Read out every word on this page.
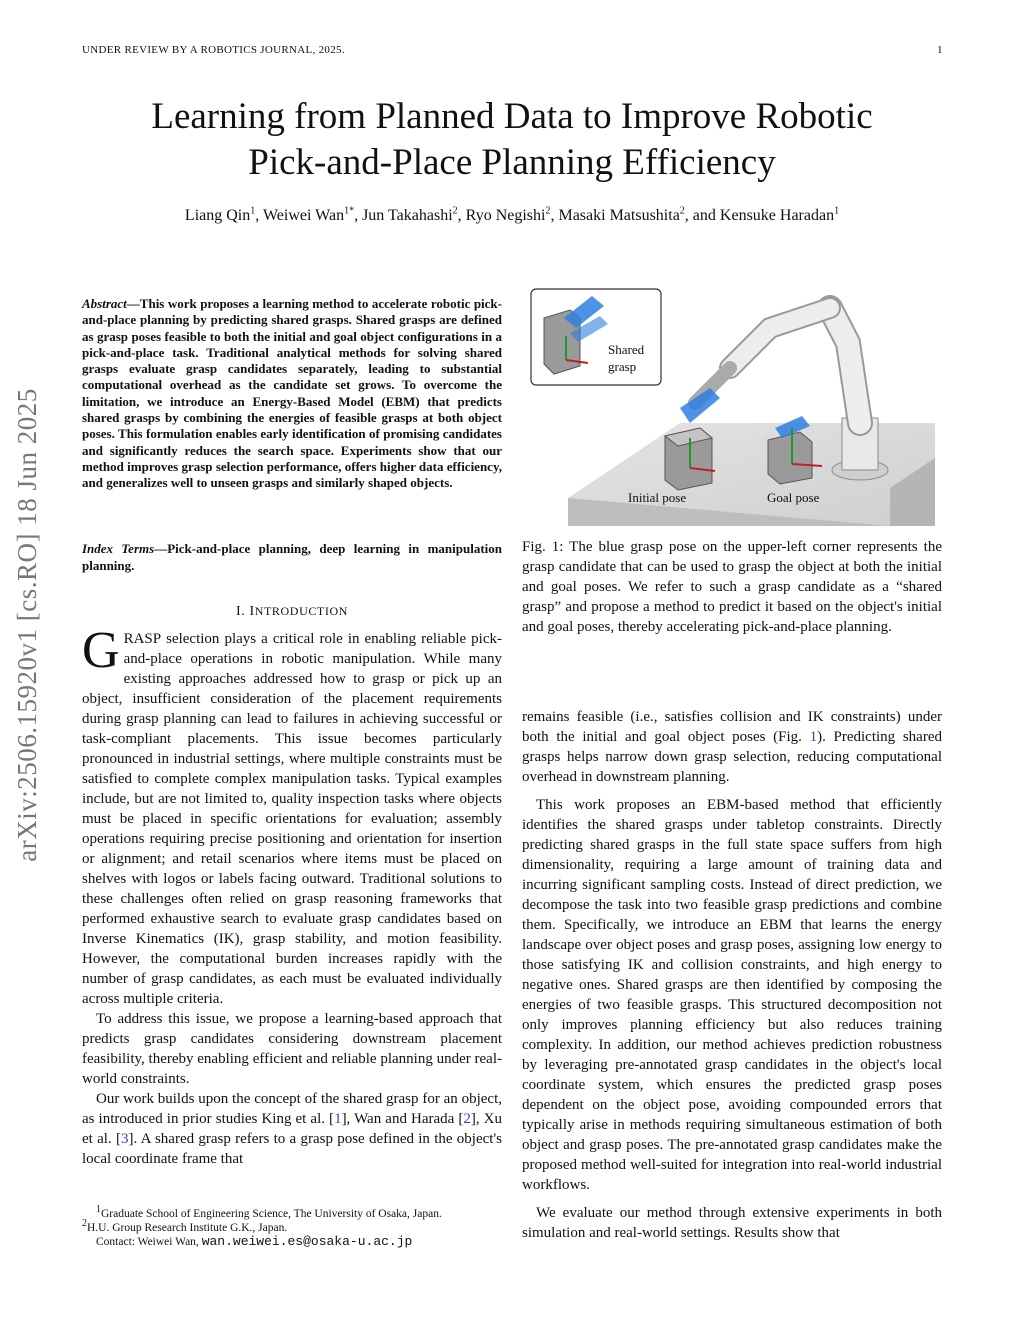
UNDER REVIEW BY A ROBOTICS JOURNAL, 2025.	1
Learning from Planned Data to Improve Robotic
Pick-and-Place Planning Efficiency
Liang Qin$^1$, Weiwei Wan$^{1*}$, Jun Takahashi$^2$, Ryo Negishi$^2$, Masaki Matsushita$^2$, and Kensuke Haradan$^1$
arXiv:2506.15920v1 [cs.RO] 18 Jun 2025
Abstract—This work proposes a learning method to accelerate robotic pick-and-place planning by predicting shared grasps. Shared grasps are defined as grasp poses feasible to both the initial and goal object configurations in a pick-and-place task. Traditional analytical methods for solving shared grasps evaluate grasp candidates separately, leading to substantial computational overhead as the candidate set grows. To overcome the limitation, we introduce an Energy-Based Model (EBM) that predicts shared grasps by combining the energies of feasible grasps at both object poses. This formulation enables early identification of promising candidates and significantly reduces the search space. Experiments show that our method improves grasp selection performance, offers higher data efficiency, and generalizes well to unseen grasps and similarly shaped objects.
Index Terms—Pick-and-place planning, deep learning in manipulation planning.
I. INTRODUCTION

GRASP selection plays a critical role in enabling reliable pick-and-place operations in robotic manipulation. While many existing approaches addressed how to grasp or pick up an object, insufficient consideration of the placement requirements during grasp planning can lead to failures in achieving successful or task-compliant placements. This issue becomes particularly pronounced in industrial settings, where multiple constraints must be satisfied to complete complex manipulation tasks. Typical examples include, but are not limited to, quality inspection tasks where objects must be placed in specific orientations for evaluation; assembly operations requiring precise positioning and orientation for insertion or alignment; and retail scenarios where items must be placed on shelves with logos or labels facing outward. Traditional solutions to these challenges often relied on grasp reasoning frameworks that performed exhaustive search to evaluate grasp candidates based on Inverse Kinematics (IK), grasp stability, and motion feasibility. However, the computational burden increases rapidly with the number of grasp candidates, as each must be evaluated individually across multiple criteria.

To address this issue, we propose a learning-based approach that predicts grasp candidates considering downstream placement feasibility, thereby enabling efficient and reliable planning under real-world constraints.

Our work builds upon the concept of the shared grasp for an object, as introduced in prior studies King et al. [1], Wan and Harada [2], Xu et al. [3]. A shared grasp refers to a grasp pose defined in the object's local coordinate frame that

$^1$Graduate School of Engineering Science, The University of Osaka, Japan.
$^2$H.U. Group Research Institute G.K., Japan.
Contact: Weiwei Wan, wan.weiwei.es@osaka-u.ac.jp
Shared
grasp
Initial pose	Goal pose
Fig. 1: The blue grasp pose on the upper-left corner represents the grasp candidate that can be used to grasp the object at both the initial and goal poses. We refer to such a grasp candidate as a “shared grasp” and propose a method to predict it based on the object's initial and goal poses, thereby accelerating pick-and-place planning.

remains feasible (i.e., satisfies collision and IK constraints) under both the initial and goal object poses (Fig. 1). Predicting shared grasps helps narrow down grasp selection, reducing computational overhead in downstream planning.

This work proposes an EBM-based method that efficiently identifies the shared grasps under tabletop constraints. Directly predicting shared grasps in the full state space suffers from high dimensionality, requiring a large amount of training data and incurring significant sampling costs. Instead of direct prediction, we decompose the task into two feasible grasp predictions and combine them. Specifically, we introduce an EBM that learns the energy landscape over object poses and grasp poses, assigning low energy to those satisfying IK and collision constraints, and high energy to negative ones. Shared grasps are then identified by composing the energies of two feasible grasps. This structured decomposition not only improves planning efficiency but also reduces training complexity. In addition, our method achieves prediction robustness by leveraging pre-annotated grasp candidates in the object's local coordinate system, which ensures the predicted grasp poses dependent on the object pose, avoiding compounded errors that typically arise in methods requiring simultaneous estimation of both object and grasp poses. The pre-annotated grasp candidates make the proposed method well-suited for integration into real-world industrial workflows.

We evaluate our method through extensive experiments in both simulation and real-world settings. Results show that
